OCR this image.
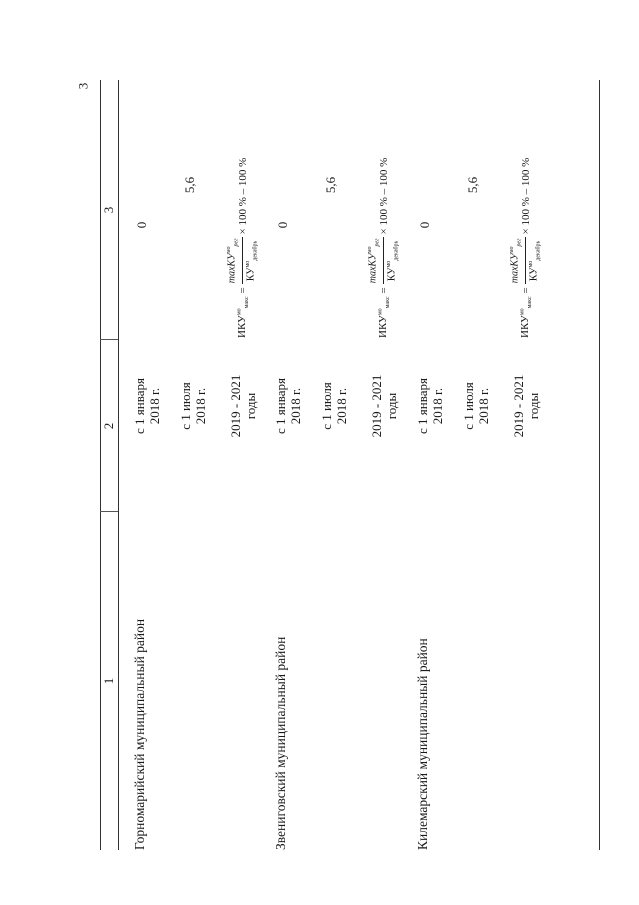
3
1
2
3
Горномарийский муниципальный район
с 1 января 2018 г.
0
с 1 июля 2018 г.
5,6
2019 - 2021 годы
$ИКУ^{мо}_{макс}$
=
maxКУ$^{мо}_{рег}$
$КУ^{мо}_{декабрь}$
× 100 % – 100 %
Звениговский муниципальный район
с 1 января 2018 г.
0
с 1 июля 2018 г.
5,6
2019 - 2021 годы
$ИКУ^{мо}_{макс}$
=
maxКУ$^{мо}_{рег}$
$КУ^{мо}_{декабрь}$
× 100 % – 100 %
Килемарский муниципальный район
с 1 января 2018 г.
0
с 1 июля 2018 г.
5,6
2019 - 2021 годы
$ИКУ^{мо}_{макс}$
=
maxКУ$^{мо}_{рег}$
$КУ^{мо}_{декабрь}$
× 100 % – 100 %
